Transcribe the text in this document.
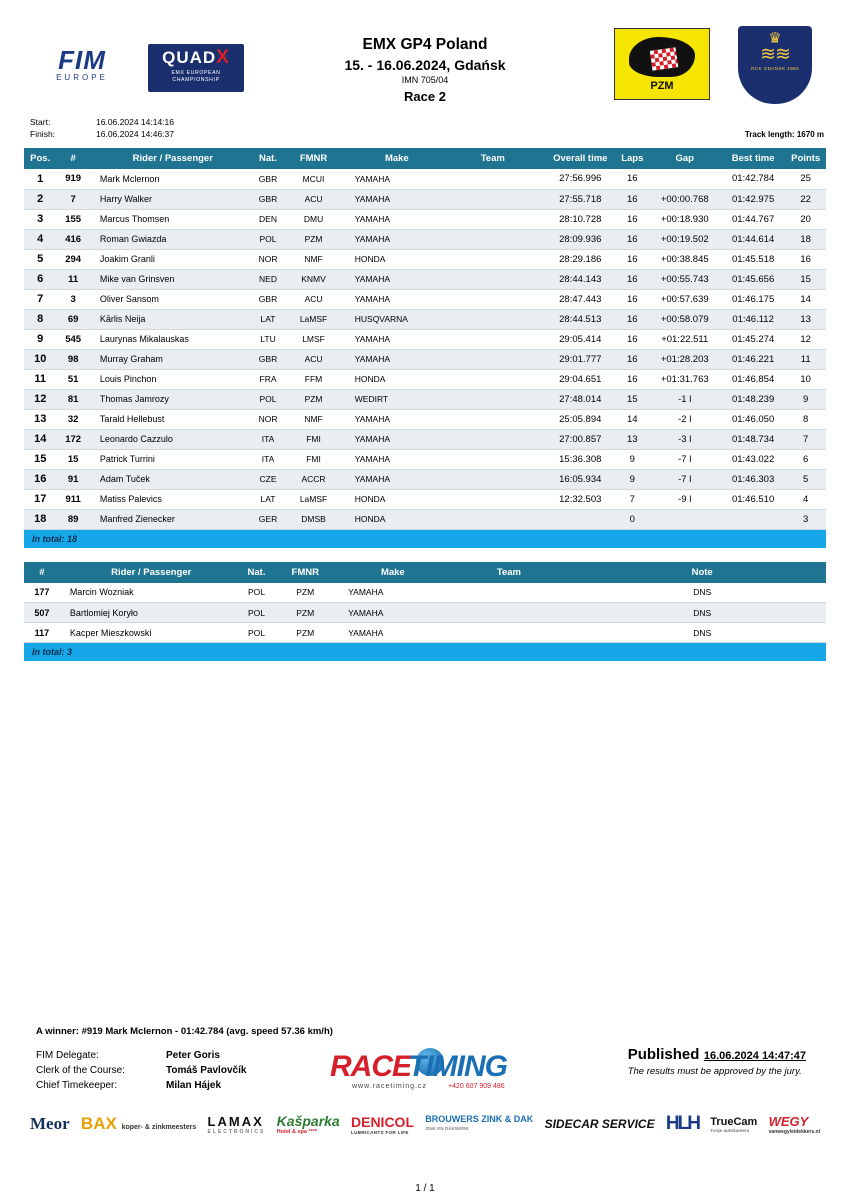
FIM
EUROPE
QUADX
EMX EUROPEAN CHAMPIONSHIP
EMX GP4 Poland
15. - 16.06.2024, Gdańsk
IMN 705/04
Race 2
PZM
♛
≋≋
RCK GDAŃSK 1960
Start:	16.06.2024 14:14:16
Finish:	16.06.2024 14:46:37	Track length: 1670 m
Pos.	#	Rider / Passenger	Nat.	FMNR	Make	Team	Overall time	Laps	Gap	Best time	Points
1	919	Mark Mclernon	GBR	MCUI	YAMAHA		27:56.996	16		01:42.784	25
2	7	Harry Walker	GBR	ACU	YAMAHA		27:55.718	16	+00:00.768	01:42.975	22
3	155	Marcus Thomsen	DEN	DMU	YAMAHA		28:10.728	16	+00:18.930	01:44.767	20
4	416	Roman Gwiazda	POL	PZM	YAMAHA		28:09.936	16	+00:19.502	01:44.614	18
5	294	Joakim Granli	NOR	NMF	HONDA		28:29.186	16	+00:38.845	01:45.518	16
6	11	Mike van Grinsven	NED	KNMV	YAMAHA		28:44.143	16	+00:55.743	01:45.656	15
7	3	Oliver Sansom	GBR	ACU	YAMAHA		28:47.443	16	+00:57.639	01:46.175	14
8	69	Kārlis Neija	LAT	LaMSF	HUSQVARNA		28:44.513	16	+00:58.079	01:46.112	13
9	545	Laurynas Mikalauskas	LTU	LMSF	YAMAHA		29:05.414	16	+01:22.511	01:45.274	12
10	98	Murray Graham	GBR	ACU	YAMAHA		29:01.777	16	+01:28.203	01:46.221	11
11	51	Louis Pinchon	FRA	FFM	HONDA		29:04.651	16	+01:31.763	01:46.854	10
12	81	Thomas Jamrozy	POL	PZM	WEDIRT		27:48.014	15	-1 l	01:48.239	9
13	32	Tarald Hellebust	NOR	NMF	YAMAHA		25:05.894	14	-2 l	01:46.050	8
14	172	Leonardo Cazzulo	ITA	FMI	YAMAHA		27:00.857	13	-3 l	01:48.734	7
15	15	Patrick Turrini	ITA	FMI	YAMAHA		15:36.308	9	-7 l	01:43.022	6
16	91	Adam Tuček	CZE	ACCR	YAMAHA		16:05.934	9	-7 l	01:46.303	5
17	911	Matiss Palevics	LAT	LaMSF	HONDA		12:32.503	7	-9 l	01:46.510	4
18	89	Manfred Zienecker	GER	DMSB	HONDA			0			3
In total: 18
#	Rider / Passenger	Nat.	FMNR	Make	Team	Note
177	Marcin Wozniak	POL	PZM	YAMAHA		DNS
507	Bartlomiej Koryło	POL	PZM	YAMAHA		DNS
117	Kacper Mieszkowski	POL	PZM	YAMAHA		DNS
In total: 3
A winner: #919 Mark Mclernon - 01:42.784 (avg. speed 57.36 km/h)
FIM Delegate:	Peter Goris
Clerk of the Course:	Tomáš Pavlovčík
Chief Timekeeper:	Milan Hájek
RACE
TIMING
www.racetiming.cz	+420 607 909 486
Published 16.06.2024 14:47:47
The results must be approved by the jury.
Meor BAX koper- & zinkmeesters LAMAX
ELECTRONICS
Kašparka
Hotel & spa ****
DENICOL
LUBRICANTS FOR LIFE
BROUWERS ZINK & DAK
ZINK EN DAKWERK	SIDECAR SERVICE HLH TrueCam
Tvoje autokamera
WEGY
vanwegyleidekkers.nl
1 / 1
